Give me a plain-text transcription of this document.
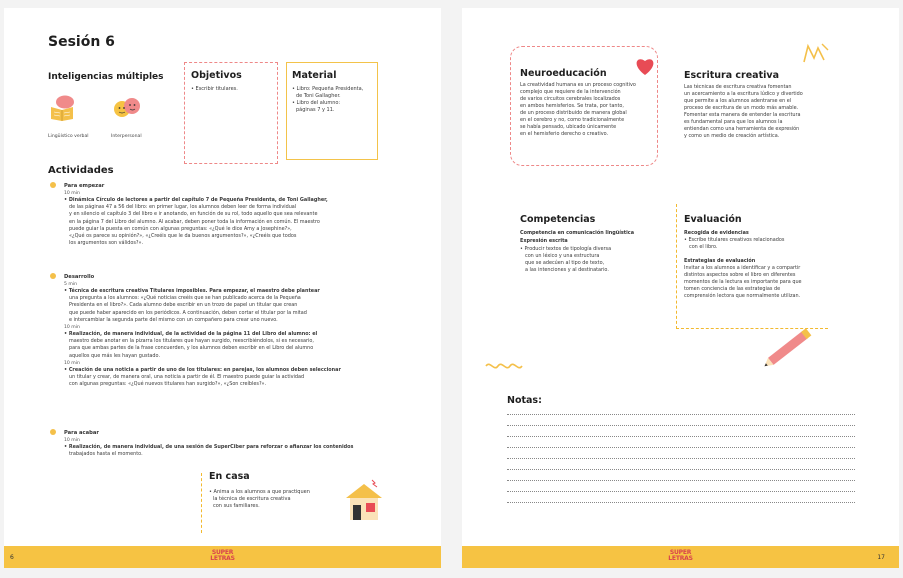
Sesión 6
Inteligencias múltiples
Lingüístico verbal	Interpersonal
Objetivos
• Escribir titulares.
Material
• Libro: Pequeña Presidenta,
de Toni Gallagher.
• Libro del alumno:
páginas 7 y 11.
Actividades
Para empezar
10 min
• Dinámica Círculo de lectores a partir del capítulo 7 de Pequeña Presidenta, de Toni Gallagher,
de las páginas 47 a 56 del libro: en primer lugar, los alumnos deben leer de forma individual
y en silencio el capítulo 3 del libro e ir anotando, en función de su rol, todo aquello que sea relevante
en la página 7 del Libro del alumno. Al acabar, deben poner toda la información en común. El maestro
puede guiar la puesta en común con algunas preguntas: «¿Qué le dice Amy a Josephine?»,
«¿Qué os parece su opinión?», «¿Creéis que le da buenos argumentos?», «¿Creéis que todos
los argumentos son válidos?».
Desarrollo
5 min
• Técnica de escritura creativa Titulares imposibles. Para empezar, el maestro debe plantear
una pregunta a los alumnos: «¿Qué noticias creéis que se han publicado acerca de la Pequeña
Presidenta en el libro?». Cada alumno debe escribir en un trozo de papel un titular que crean
que puede haber aparecido en los periódicos. A continuación, deben cortar el titular por la mitad
e intercambiar la segunda parte del mismo con un compañero para crear uno nuevo.
10 min
• Realización, de manera individual, de la actividad de la página 11 del Libro del alumno: el
maestro debe anotar en la pizarra los titulares que hayan surgido, reescribiéndolos, si es necesario,
para que ambas partes de la frase concuerden, y los alumnos deben escribir en el Libro del alumno
aquellos que más les hayan gustado.
10 min
• Creación de una noticia a partir de uno de los titulares: en parejas, los alumnos deben seleccionar
un titular y crear, de manera oral, una noticia a partir de él. El maestro puede guiar la actividad
con algunas preguntas: «¿Qué nuevos titulares han surgido?», «¿Son creíbles?».
Para acabar
10 min
• Realización, de manera individual, de una sesión de SuperCiber para reforzar o afianzar los contenidos
trabajados hasta el momento.
En casa
• Anima a los alumnos a que practiquen
la técnica de escritura creativa
con sus familiares.
6
SUPER LETRAS
Neuroeducación
La creatividad humana es un proceso cognitivo
complejo que requiere de la intervención
de varios circuitos cerebrales localizados
en ambos hemisferios. Se trata, por tanto,
de un proceso distribuido de manera global
en el cerebro y no, como tradicionalmente
se había pensado, ubicado únicamente
en el hemisferio derecho o creativo.
Escritura creativa
Las técnicas de escritura creativa fomentan
un acercamiento a la escritura lúdico y divertido
que permite a los alumnos adentrarse en el
proceso de escritura de un modo más amable.
Fomentar esta manera de entender la escritura
es fundamental para que los alumnos la
entiendan como una herramienta de expresión
y como un medio de creación artística.
Competencias
Competencia en comunicación lingüística
Expresión escrita
• Producir textos de tipología diversa
con un léxico y una estructura
que se adecúen al tipo de texto,
a las intenciones y al destinatario.
Evaluación
Recogida de evidencias
• Escribe titulares creativos relacionados
con el libro.
Estrategias de evaluación
Invitar a los alumnos a identificar y a compartir
distintos aspectos sobre el libro en diferentes
momentos de la lectura es importante para que
tomen conciencia de las estrategias de
comprensión lectora que normalmente utilizan.
Notas:
SUPER LETRAS	17
